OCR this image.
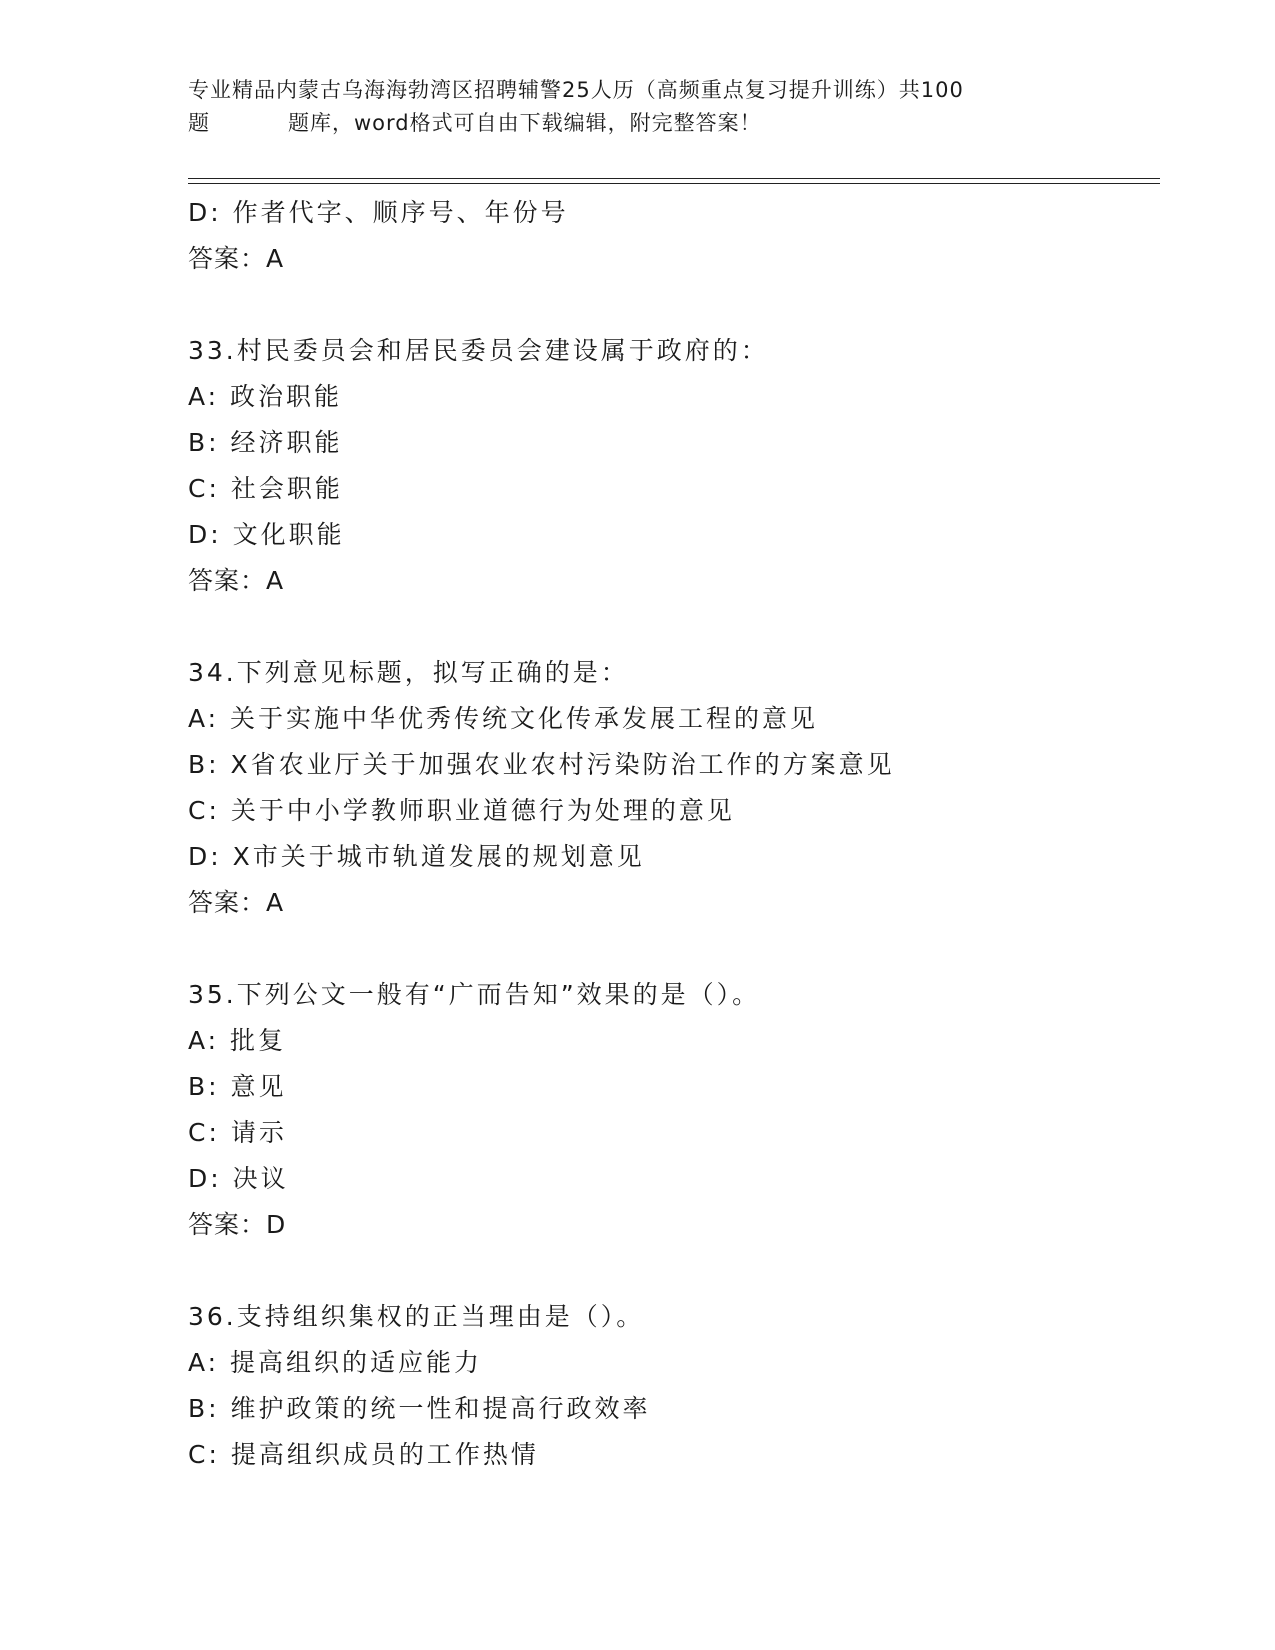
专业精品内蒙古乌海海勃湾区招聘辅警25人历（高频重点复习提升训练）共100
题	题库，word格式可自由下载编辑，附完整答案！
D: 作者代字、顺序号、年份号
答案：A
33.村民委员会和居民委员会建设属于政府的：
A: 政治职能
B: 经济职能
C: 社会职能
D: 文化职能
答案：A
34.下列意见标题，拟写正确的是：
A: 关于实施中华优秀传统文化传承发展工程的意见
B: X省农业厅关于加强农业农村污染防治工作的方案意见
C: 关于中小学教师职业道德行为处理的意见
D: X市关于城市轨道发展的规划意见
答案：A
35.下列公文一般有“广而告知”效果的是（）。
A: 批复
B: 意见
C: 请示
D: 决议
答案：D
36.支持组织集权的正当理由是（）。
A: 提高组织的适应能力
B: 维护政策的统一性和提高行政效率
C: 提高组织成员的工作热情
